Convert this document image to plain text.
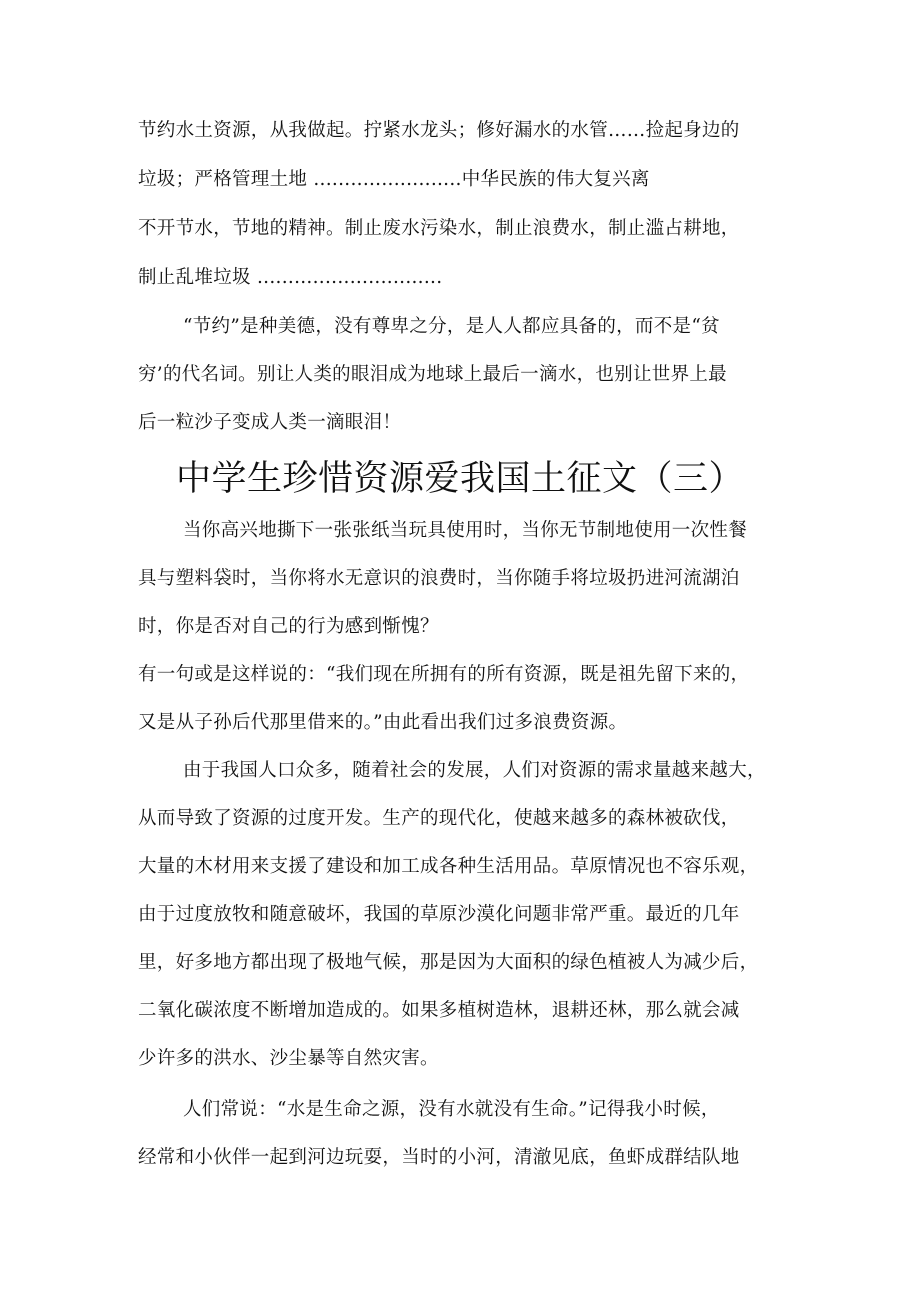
节约水土资源，从我做起。拧紧水龙头；修好漏水的水管……捡起身边的
垃圾；严格管理土地 ........................中华民族的伟大复兴离
不开节水，节地的精神。制止废水污染水，制止浪费水，制止滥占耕地，
制止乱堆垃圾 ..............................
“节约”是种美德，没有尊卑之分，是人人都应具备的，而不是“贫
穷’的代名词。别让人类的眼泪成为地球上最后一滴水，也别让世界上最
后一粒沙子变成人类一滴眼泪！
中学生珍惜资源爱我国土征文（三）
当你高兴地撕下一张张纸当玩具使用时，当你无节制地使用一次性餐
具与塑料袋时，当你将水无意识的浪费时，当你随手将垃圾扔进河流湖泊
时，你是否对自己的行为感到惭愧？
有一句或是这样说的：“我们现在所拥有的所有资源，既是祖先留下来的，
又是从子孙后代那里借来的。”由此看出我们过多浪费资源。
由于我国人口众多，随着社会的发展，人们对资源的需求量越来越大，
从而导致了资源的过度开发。生产的现代化，使越来越多的森林被砍伐，
大量的木材用来支援了建设和加工成各种生活用品。草原情况也不容乐观，
由于过度放牧和随意破坏，我国的草原沙漠化问题非常严重。最近的几年
里，好多地方都出现了极地气候，那是因为大面积的绿色植被人为减少后，
二氧化碳浓度不断增加造成的。如果多植树造林，退耕还林，那么就会减
少许多的洪水、沙尘暴等自然灾害。
人们常说：“水是生命之源，没有水就没有生命。”记得我小时候，
经常和小伙伴一起到河边玩耍，当时的小河，清澈见底，鱼虾成群结队地
